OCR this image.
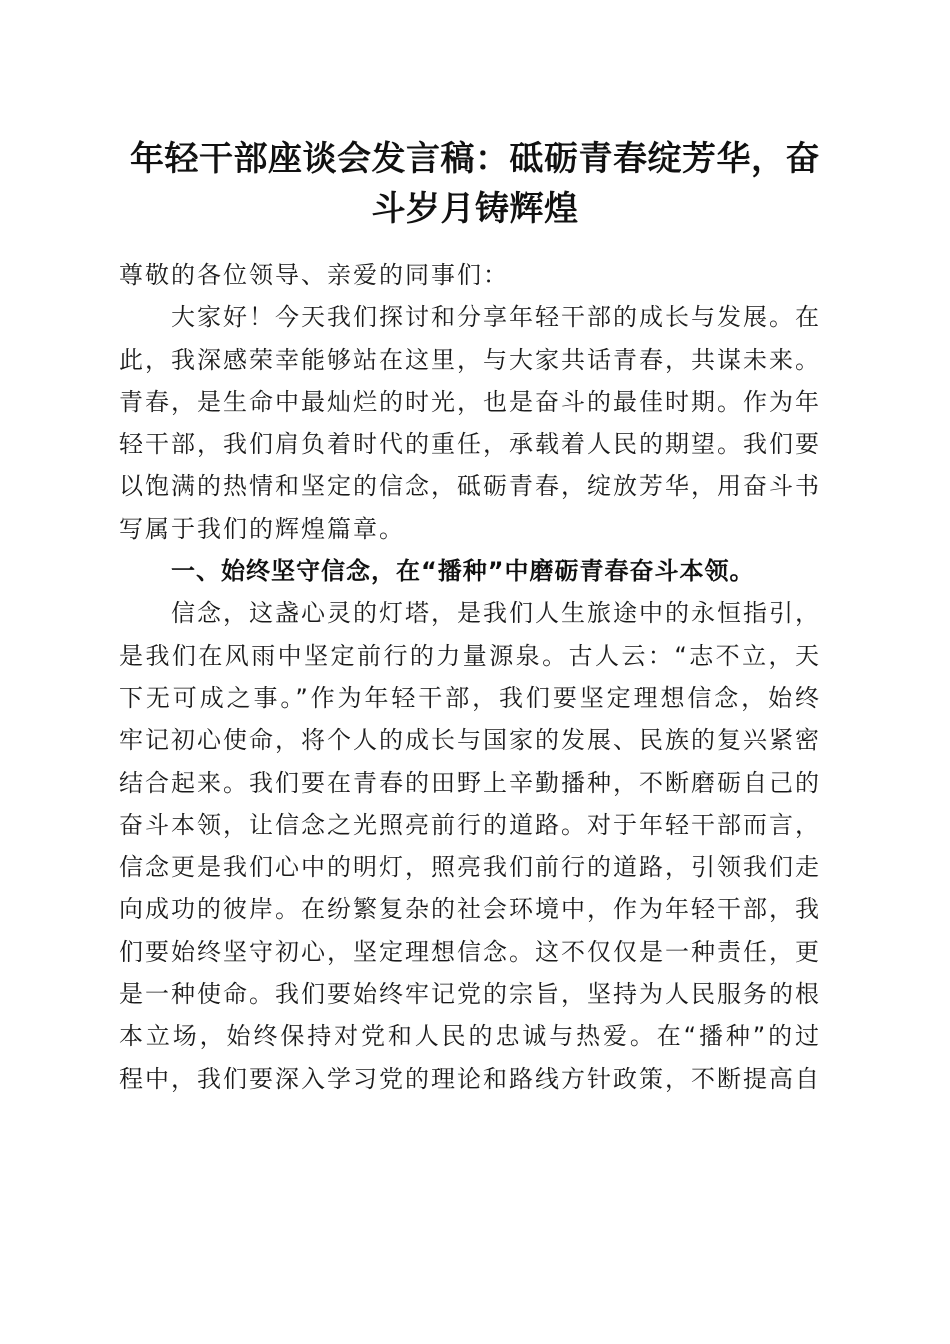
年轻干部座谈会发言稿：砥砺青春绽芳华，奋斗岁月铸辉煌

尊敬的各位领导、亲爱的同事们：

大家好！今天我们探讨和分享年轻干部的成长与发展。在此，我深感荣幸能够站在这里，与大家共话青春，共谋未来。青春，是生命中最灿烂的时光，也是奋斗的最佳时期。作为年轻干部，我们肩负着时代的重任，承载着人民的期望。我们要以饱满的热情和坚定的信念，砥砺青春，绽放芳华，用奋斗书写属于我们的辉煌篇章。

一、始终坚守信念，在“播种”中磨砺青春奋斗本领。

信念，这盏心灵的灯塔，是我们人生旅途中的永恒指引，是我们在风雨中坚定前行的力量源泉。古人云：“志不立，天下无可成之事。”作为年轻干部，我们要坚定理想信念，始终牢记初心使命，将个人的成长与国家的发展、民族的复兴紧密结合起来。我们要在青春的田野上辛勤播种，不断磨砺自己的奋斗本领，让信念之光照亮前行的道路。对于年轻干部而言，信念更是我们心中的明灯，照亮我们前行的道路，引领我们走向成功的彼岸。在纷繁复杂的社会环境中，作为年轻干部，我们要始终坚守初心，坚定理想信念。这不仅仅是一种责任，更是一种使命。我们要始终牢记党的宗旨，坚持为人民服务的根本立场，始终保持对党和人民的忠诚与热爱。在“播种”的过程中，我们要深入学习党的理论和路线方针政策，不断提高自
